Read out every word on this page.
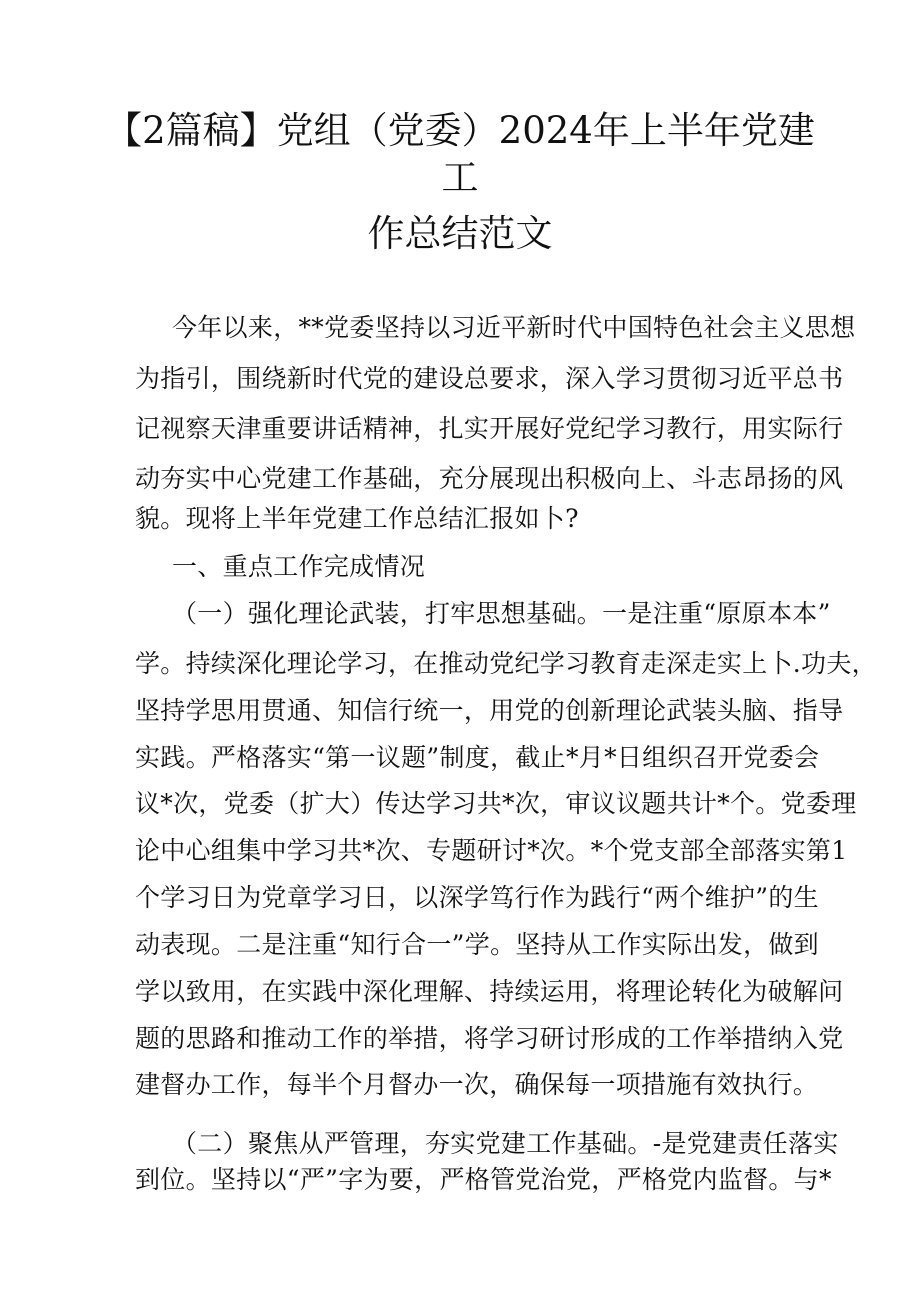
【2篇稿】党组（党委）2024年上半年党建
工
作总结范文
今年以来，**党委坚持以习近平新时代中国特色社会主义思想
为指引，围绕新时代党的建设总要求，深入学习贯彻习近平总书
记视察天津重要讲话精神，扎实开展好党纪学习教行，用实际行
动夯实中心党建工作基础，充分展现出积极向上、斗志昂扬的风
貌。现将上半年党建工作总结汇报如卜?
一、重点工作完成情况
（一）强化理论武装，打牢思想基础。一是注重“原原本本”
学。持续深化理论学习，在推动党纪学习教育走深走实上卜.功夫，
坚持学思用贯通、知信行统一，用党的创新理论武装头脑、指导
实践。严格落实“第一议题”制度，截止*月*日组织召开党委会
议*次，党委（扩大）传达学习共*次，审议议题共计*个。党委理
论中心组集中学习共*次、专题研讨*次。*个党支部全部落实第1
个学习日为党章学习日，以深学笃行作为践行“两个维护”的生
动表现。二是注重“知行合一”学。坚持从工作实际出发，做到
学以致用，在实践中深化理解、持续运用，将理论转化为破解问
题的思路和推动工作的举措，将学习研讨形成的工作举措纳入党
建督办工作，每半个月督办一次，确保每一项措施有效执行。
（二）聚焦从严管理，夯实党建工作基础。-是党建责任落实
到位。坚持以“严”字为要，严格管党治党，严格党内监督。与*
